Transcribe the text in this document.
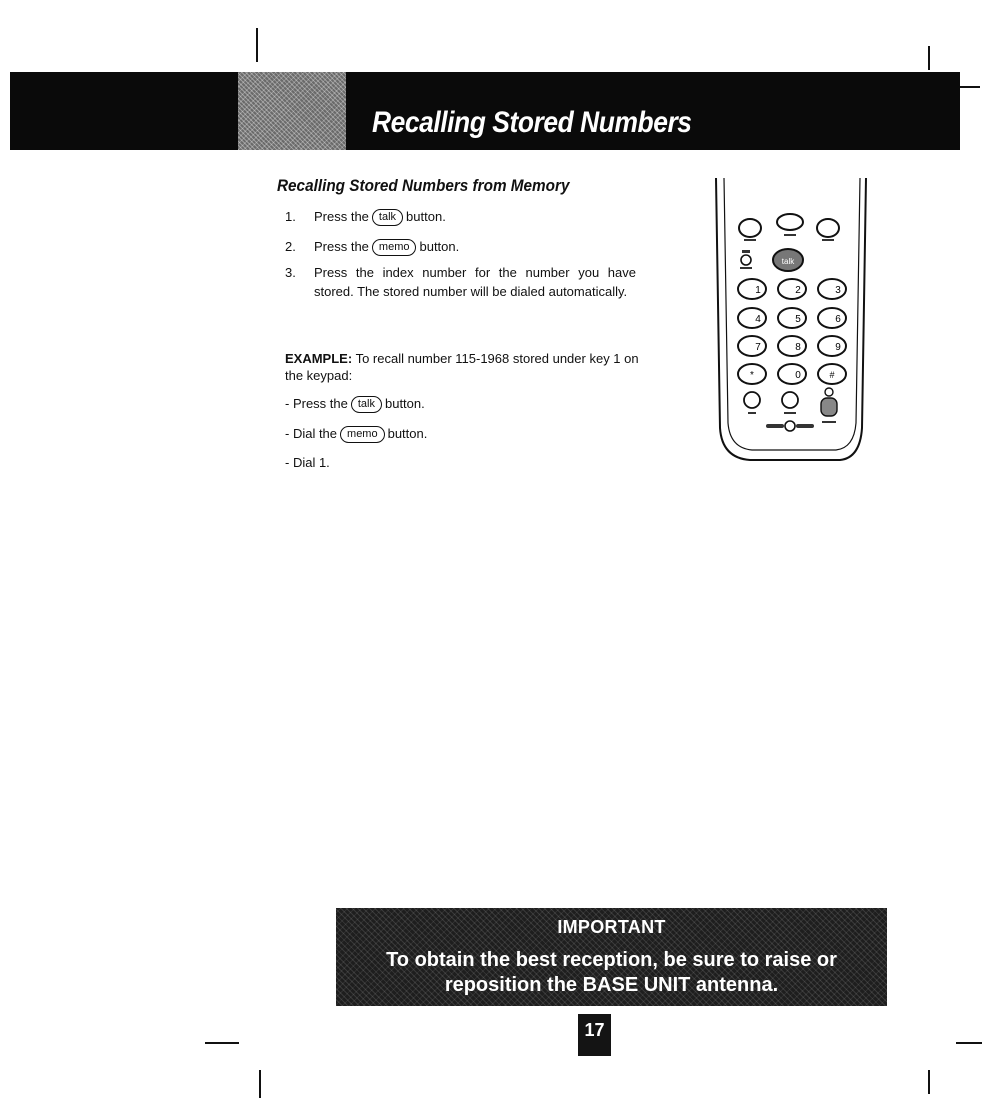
Recalling Stored Numbers
Recalling Stored Numbers from Memory
1. Press the talk button.
2. Press the memo button.
3. Press the index number for the number you have stored. The stored number will be dialed automatically.
EXAMPLE: To recall number 115-1968 stored under key 1 on the keypad:
- Press the talk button.
- Dial the memo button.
- Dial 1.
talk
1	2	3
4	5	6
7	8	9
*	0	#
IMPORTANT
To obtain the best reception, be sure to raise or reposition the BASE UNIT antenna.
17
